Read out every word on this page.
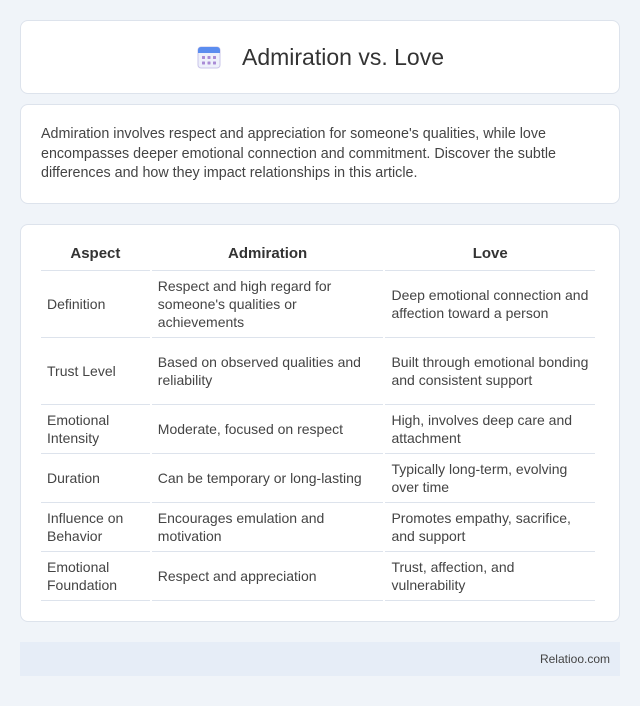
Admiration vs. Love
Admiration involves respect and appreciation for someone's qualities, while love encompasses deeper emotional connection and commitment. Discover the subtle differences and how they impact relationships in this article.
Aspect	Admiration	Love
Definition	Respect and high regard for someone's qualities or achievements	Deep emotional connection and affection toward a person
Trust Level	Based on observed qualities and reliability	Built through emotional bonding and consistent support
Emotional Intensity	Moderate, focused on respect	High, involves deep care and attachment
Duration	Can be temporary or long-lasting	Typically long-term, evolving over time
Influence on Behavior	Encourages emulation and motivation	Promotes empathy, sacrifice, and support
Emotional Foundation	Respect and appreciation	Trust, affection, and vulnerability
Relatioo.com
